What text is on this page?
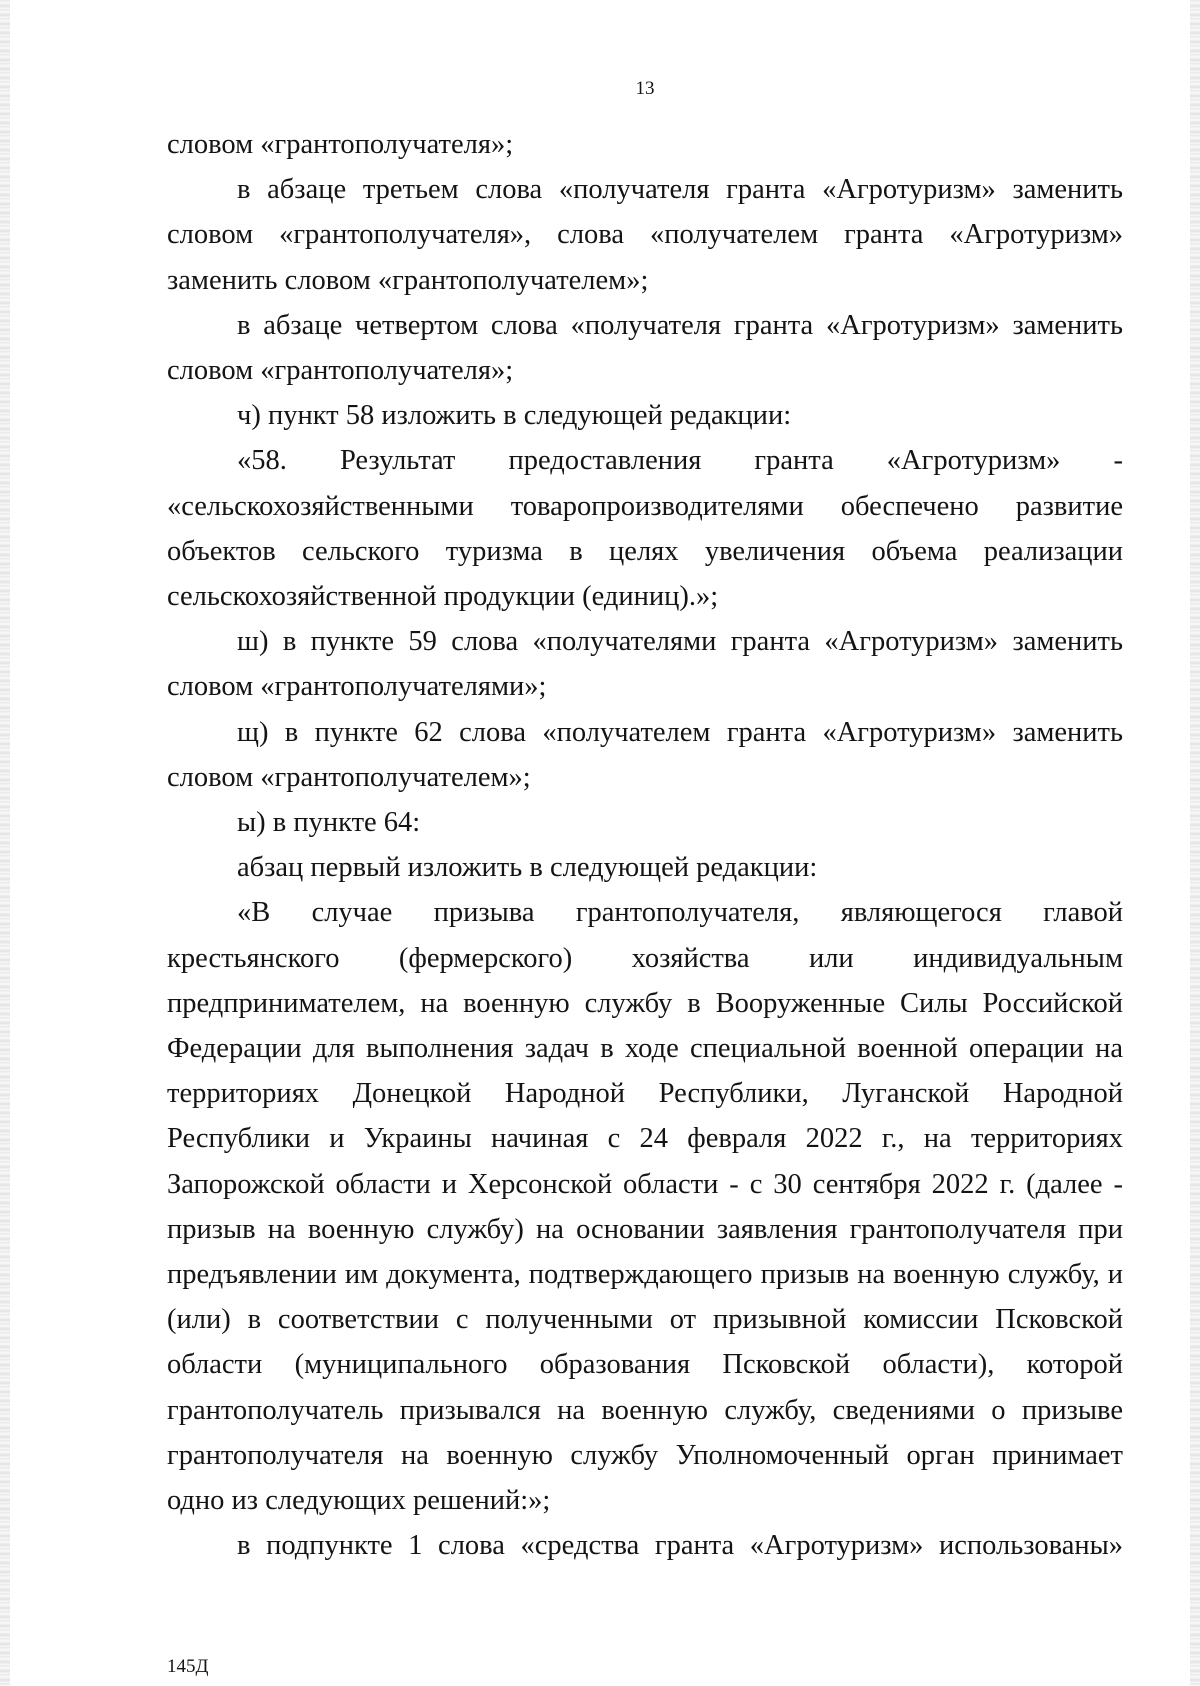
13

словом «грантополучателя»;

в абзаце третьем слова «получателя гранта «Агротуризм» заменить словом «грантополучателя», слова «получателем гранта «Агротуризм» заменить словом «грантополучателем»;

в абзаце четвертом слова «получателя гранта «Агротуризм» заменить словом «грантополучателя»;

ч) пункт 58 изложить в следующей редакции:

«58. Результат предоставления гранта «Агротуризм» - «сельскохозяйственными товаропроизводителями обеспечено развитие объектов сельского туризма в целях увеличения объема реализации сельскохозяйственной продукции (единиц).»;

ш) в пункте 59 слова «получателями гранта «Агротуризм» заменить словом «грантополучателями»;

щ) в пункте 62 слова «получателем гранта «Агротуризм» заменить словом «грантополучателем»;

ы) в пункте 64:

абзац первый изложить в следующей редакции:

«В случае призыва грантополучателя, являющегося главой крестьянского (фермерского) хозяйства или индивидуальным предпринимателем, на военную службу в Вооруженные Силы Российской Федерации для выполнения задач в ходе специальной военной операции на территориях Донецкой Народной Республики, Луганской Народной Республики и Украины начиная с 24 февраля 2022 г., на территориях Запорожской области и Херсонской области - с 30 сентября 2022 г. (далее - призыв на военную службу) на основании заявления грантополучателя при предъявлении им документа, подтверждающего призыв на военную службу, и (или) в соответствии с полученными от призывной комиссии Псковской области (муниципального образования Псковской области), которой грантополучатель призывался на военную службу, сведениями о призыве грантополучателя на военную службу Уполномоченный орган принимает одно из следующих решений:»;

в подпункте 1 слова «средства гранта «Агротуризм» использованы»

145Д
